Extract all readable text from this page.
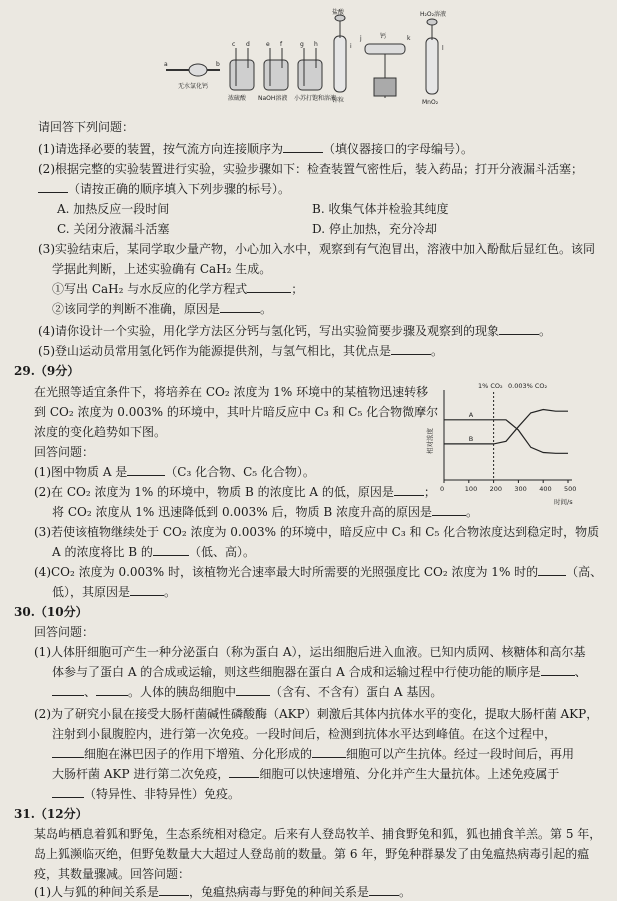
a	b
无水氯化钙
c d
浓硫酸
e f
NaOH溶液
g h
小苏打饱和溶液
盐酸
i
锌粒
j	k
钙
H₂O₂溶液
l
MnO₂
请回答下列问题：
(1)请选择必要的装置，按气流方向连接顺序为	（填仪器接口的字母编号）。
(2)根据完整的实验装置进行实验，实验步骤如下：检查装置气密性后，装入药品；打开分液漏斗活塞；
（请按正确的顺序填入下列步骤的标号）。
A. 加热反应一段时间	B. 收集气体并检验其纯度
C. 关闭分液漏斗活塞	D. 停止加热，充分冷却
(3)实验结束后，某同学取少量产物，小心加入水中，观察到有气泡冒出，溶液中加入酚酞后显红色。该同
学据此判断，上述实验确有 CaH₂ 生成。
①写出 CaH₂ 与水反应的化学方程式	；
②该同学的判断不准确，原因是	。
(4)请你设计一个实验，用化学方法区分钙与氢化钙，写出实验简要步骤及观察到的现象	。
(5)登山运动员常用氢化钙作为能源提供剂，与氢气相比，其优点是	。
29.（9分）
在光照等适宜条件下，将培养在 CO₂ 浓度为 1% 环境中的某植物迅速转移
到 CO₂ 浓度为 0.003% 的环境中，其叶片暗反应中 C₃ 和 C₅ 化合物微摩尔
浓度的变化趋势如下图。
回答问题：
(1)图中物质 A 是	（C₃ 化合物、C₅ 化合物）。
(2)在 CO₂ 浓度为 1% 的环境中，物质 B 的浓度比 A 的低，原因是	；
将 CO₂ 浓度从 1% 迅速降低到 0.003% 后，物质 B 浓度升高的原因是	。
(3)若使该植物继续处于 CO₂ 浓度为 0.003% 的环境中，暗反应中 C₃ 和 C₅ 化合物浓度达到稳定时，物质
A 的浓度将比 B 的	（低、高）。
(4)CO₂ 浓度为 0.003% 时，该植物光合速率最大时所需要的光照强度比 CO₂ 浓度为 1% 时的 （高、
低），其原因是	。
相对浓度
1% CO₂ 0.003% CO₂
0	100 200 300 400 500
A
B
时间/s
30.（10分）
回答问题：
(1)人体肝细胞可产生一种分泌蛋白（称为蛋白 A），运出细胞后进入血液。已知内质网、核糖体和高尔基
体参与了蛋白 A 的合成或运输，则这些细胞器在蛋白 A 合成和运输过程中行使功能的顺序是	、
、	。人体的胰岛细胞中	（含有、不含有）蛋白 A 基因。
(2)为了研究小鼠在接受大肠杆菌碱性磷酸酶（AKP）刺激后其体内抗体水平的变化，提取大肠杆菌 AKP，
注射到小鼠腹腔内，进行第一次免疫。一段时间后，检测到抗体水平达到峰值。在这个过程中，
细胞在淋巴因子的作用下增殖、分化形成的	细胞可以产生抗体。经过一段时间后，再用
大肠杆菌 AKP 进行第二次免疫，	细胞可以快速增殖、分化并产生大量抗体。上述免疫属于
（特异性、非特异性）免疫。
31.（12分）
某岛屿栖息着狐和野兔，生态系统相对稳定。后来有人登岛牧羊、捕食野兔和狐，狐也捕食羊羔。第 5 年，
岛上狐濒临灭绝，但野兔数量大大超过人登岛前的数量。第 6 年，野兔种群暴发了由兔瘟热病毒引起的瘟
疫，其数量骤减。回答问题：
(1)人与狐的种间关系是	，兔瘟热病毒与野兔的种间关系是	。
